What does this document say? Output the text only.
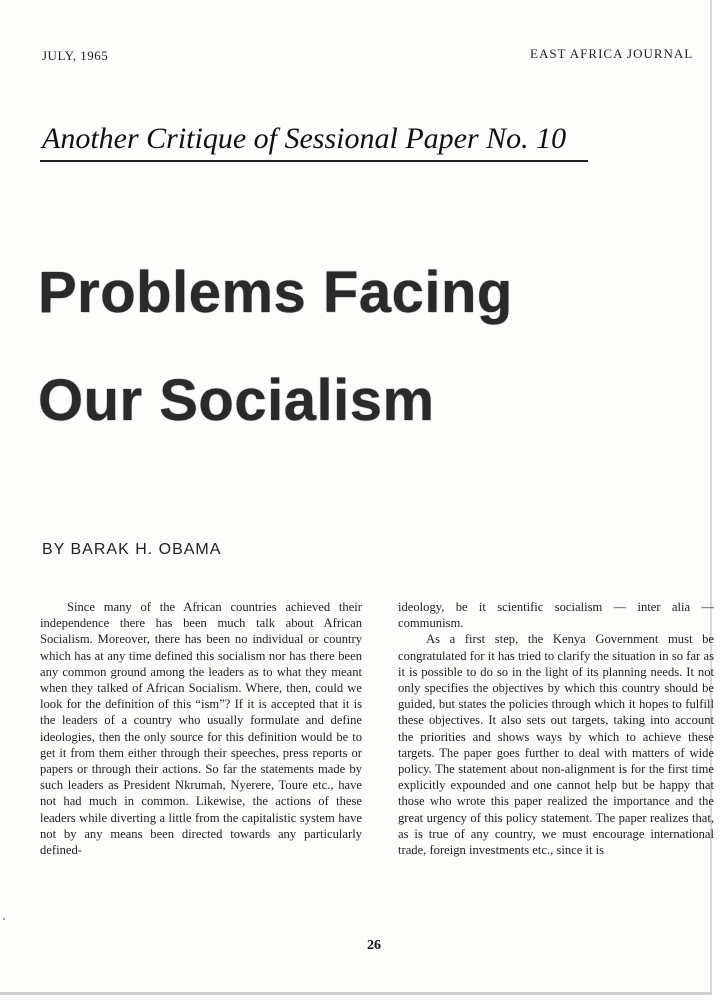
JULY, 1965	EAST AFRICA JOURNAL
Another Critique of Sessional Paper No. 10
Problems Facing
Our Socialism
BY BARAK H. OBAMA

Since many of the African countries achieved their independence there has been much talk about African Socialism. Moreover, there has been no individual or country which has at any time defined this socialism nor has there been any common ground among the leaders as to what they meant when they talked of African Socialism. Where, then, could we look for the definition of this “ism”? If it is accepted that it is the leaders of a country who usually formulate and define ideologies, then the only source for this definition would be to get it from them either through their speeches, press reports or papers or through their actions. So far the statements made by such leaders as President Nkrumah, Nyerere, Toure etc., have not had much in common. Likewise, the actions of these leaders while diverting a little from the capitalistic system have not by any means been directed towards any particularly defined-

ideology, be it scientific socialism — inter alia — communism.

As a first step, the Kenya Government must be congratulated for it has tried to clarify the situation in so far as it is possible to do so in the light of its planning needs. It not only specifies the objectives by which this country should be guided, but states the policies through which it hopes to fulfill these objectives. It also sets out targets, taking into account the priorities and shows ways by which to achieve these targets. The paper goes further to deal with matters of wide policy. The statement about non-alignment is for the first time explicitly expounded and one cannot help but be happy that those who wrote this paper realized the importance and the great urgency of this policy statement. The paper realizes that, as is true of any country, we must encourage international trade, foreign investments etc., since it is

26
